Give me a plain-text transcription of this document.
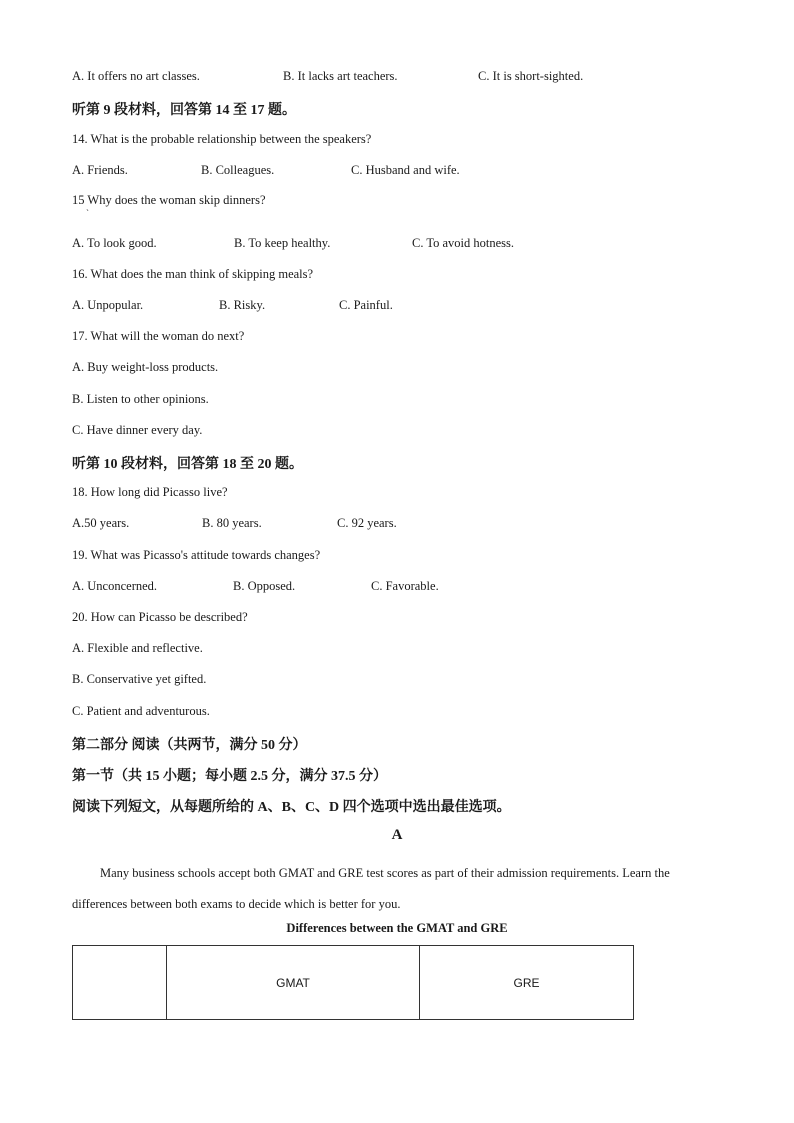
A. It offers no art classes.	B. It lacks art teachers.	C. It is short-sighted.
听第 9 段材料，回答第 14 至 17 题。
14. What is the probable relationship between the speakers?
A. Friends.	B. Colleagues.	C. Husband and wife.
15 Why does the woman skip dinners?
`
A. To look good.	B. To keep healthy.	C. To avoid hotness.
16. What does the man think of skipping meals?
A. Unpopular.	B. Risky.	C. Painful.
17. What will the woman do next?
A. Buy weight-loss products.
B. Listen to other opinions.
C. Have dinner every day.
听第 10 段材料，回答第 18 至 20 题。
18. How long did Picasso live?
A.50 years.	B. 80 years.	C. 92 years.
19. What was Picasso's attitude towards changes?
A. Unconcerned.	B. Opposed.	C. Favorable.
20. How can Picasso be described?
A. Flexible and reflective.
B. Conservative yet gifted.
C. Patient and adventurous.
第二部分 阅读（共两节，满分 50 分）
第一节（共 15 小题；每小题 2.5 分，满分 37.5 分）
阅读下列短文，从每题所给的 A、B、C、D 四个选项中选出最佳选项。
A
Many business schools accept both GMAT and GRE test scores as part of their admission requirements. Learn the differences between both exams to decide which is better for you.
Differences between the GMAT and GRE
	GMAT	GRE
